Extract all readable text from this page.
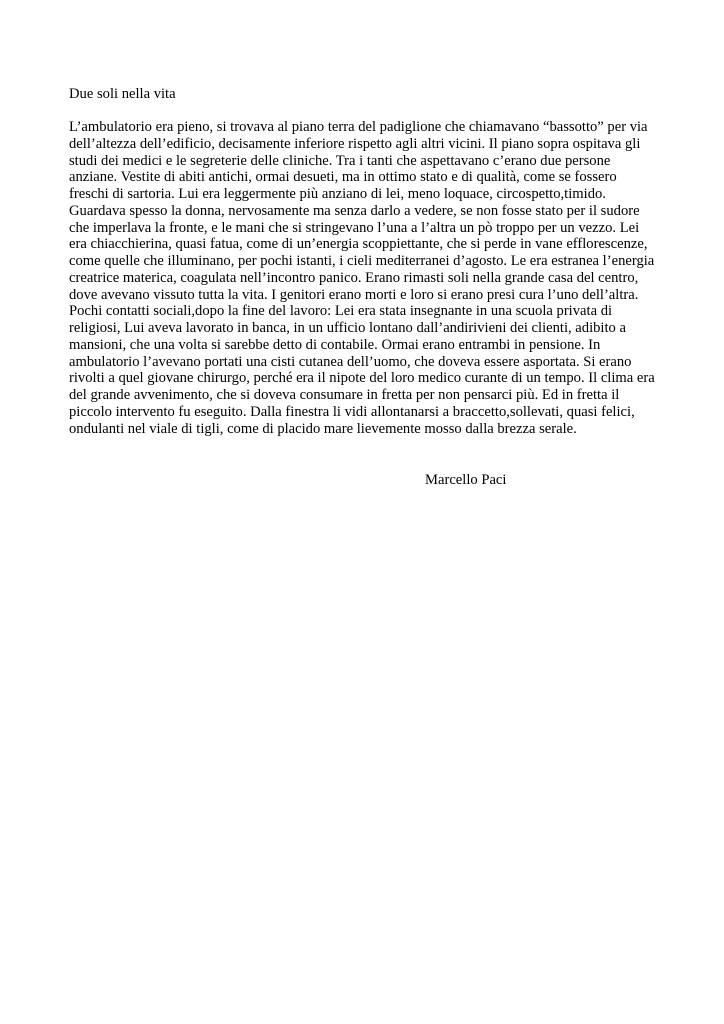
Due soli nella vita
L’ambulatorio era pieno, si trovava al piano terra del padiglione che chiamavano “bassotto” per via
dell’altezza dell’edificio, decisamente inferiore rispetto agli altri vicini. Il piano sopra ospitava gli
studi dei medici e le segreterie delle cliniche. Tra i tanti che aspettavano c’erano due persone
anziane. Vestite di abiti antichi, ormai desueti, ma in ottimo stato e di qualità, come se fossero
freschi di sartoria. Lui era leggermente più anziano di lei, meno loquace, circospetto,timido.
Guardava spesso la donna, nervosamente ma senza darlo a vedere, se non fosse stato per il sudore
che imperlava la fronte, e le mani che si stringevano l’una a l’altra un pò troppo per un vezzo. Lei
era chiacchierina, quasi fatua, come di un’energia scoppiettante, che si perde in vane efflorescenze,
come quelle che illuminano, per pochi istanti, i cieli mediterranei d’agosto. Le era estranea l’energia
creatrice materica, coagulata nell’incontro panico. Erano rimasti soli nella grande casa del centro,
dove avevano vissuto tutta la vita. I genitori erano morti e loro si erano presi cura l’uno dell’altra.
Pochi contatti sociali,dopo la fine del lavoro: Lei era stata insegnante in una scuola privata di
religiosi, Lui aveva lavorato in banca, in un ufficio lontano dall’andirivieni dei clienti, adibito a
mansioni, che una volta si sarebbe detto di contabile. Ormai erano entrambi in pensione. In
ambulatorio l’avevano portati una cisti cutanea dell’uomo, che doveva essere asportata. Si erano
rivolti a quel giovane chirurgo, perché era il nipote del loro medico curante di un tempo. Il clima era
del grande avvenimento, che si doveva consumare in fretta per non pensarci più. Ed in fretta il
piccolo intervento fu eseguito. Dalla finestra li vidi allontanarsi a braccetto,sollevati, quasi felici,
ondulanti nel viale di tigli, come di placido mare lievemente mosso dalla brezza serale.
Marcello Paci
